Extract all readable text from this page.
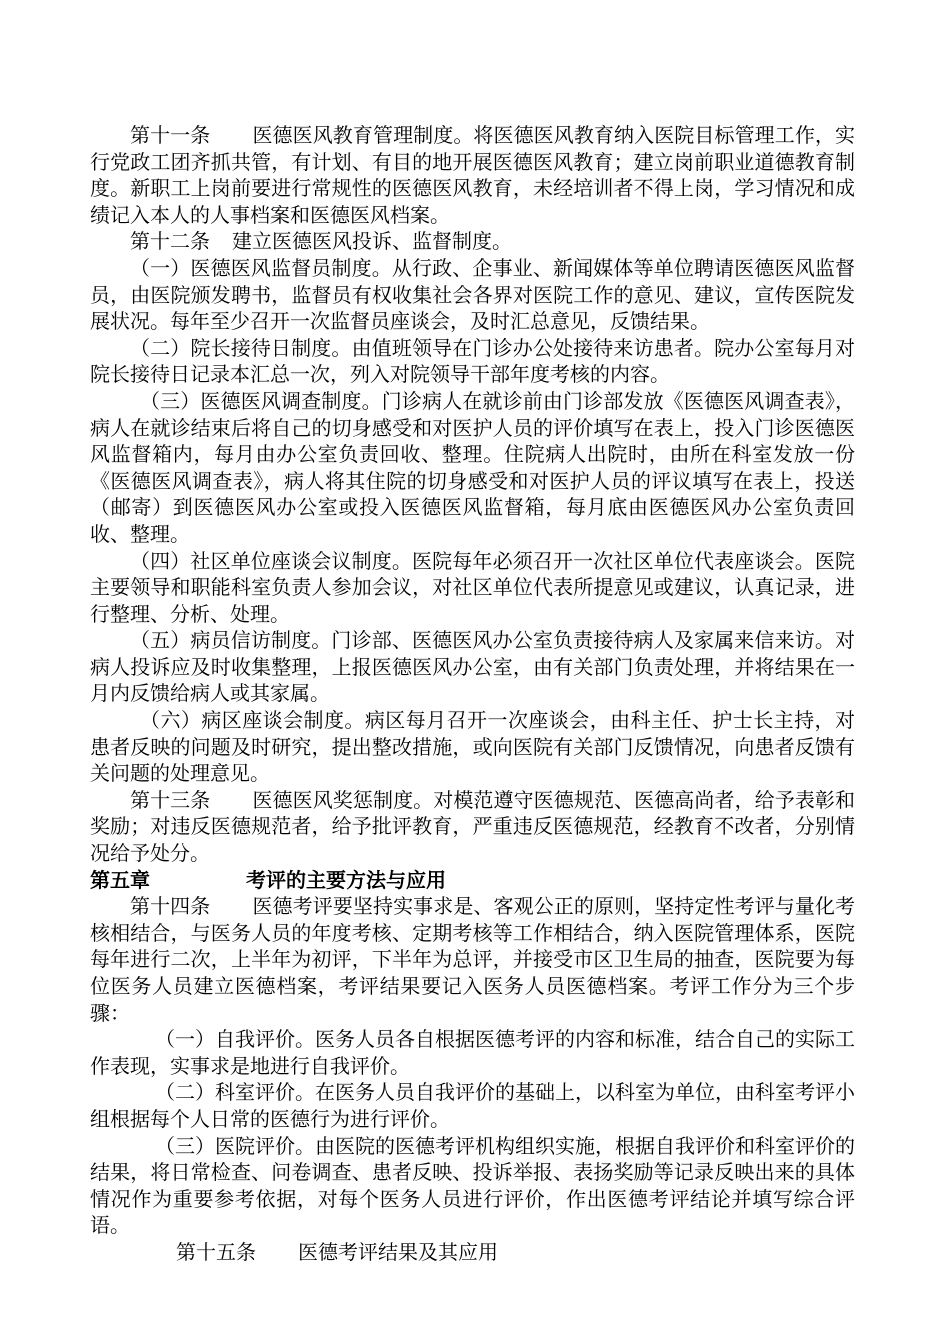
第十一条 医德医风教育管理制度。将医德医风教育纳入医院目标管理工作，实行党政工团齐抓共管，有计划、有目的地开展医德医风教育；建立岗前职业道德教育制度。新职工上岗前要进行常规性的医德医风教育，未经培训者不得上岗，学习情况和成绩记入本人的人事档案和医德医风档案。

第十二条 建立医德医风投诉、监督制度。

（一）医德医风监督员制度。从行政、企事业、新闻媒体等单位聘请医德医风监督员，由医院颁发聘书，监督员有权收集社会各界对医院工作的意见、建议，宣传医院发展状况。每年至少召开一次监督员座谈会，及时汇总意见，反馈结果。

（二）院长接待日制度。由值班领导在门诊办公处接待来访患者。院办公室每月对院长接待日记录本汇总一次，列入对院领导干部年度考核的内容。

（三）医德医风调查制度。门诊病人在就诊前由门诊部发放《医德医风调查表》，病人在就诊结束后将自己的切身感受和对医护人员的评价填写在表上，投入门诊医德医风监督箱内，每月由办公室负责回收、整理。住院病人出院时，由所在科室发放一份《医德医风调查表》，病人将其住院的切身感受和对医护人员的评议填写在表上，投送（邮寄）到医德医风办公室或投入医德医风监督箱，每月底由医德医风办公室负责回收、整理。

（四）社区单位座谈会议制度。医院每年必须召开一次社区单位代表座谈会。医院主要领导和职能科室负责人参加会议，对社区单位代表所提意见或建议，认真记录，进行整理、分析、处理。

（五）病员信访制度。门诊部、医德医风办公室负责接待病人及家属来信来访。对病人投诉应及时收集整理，上报医德医风办公室，由有关部门负责处理，并将结果在一月内反馈给病人或其家属。

（六）病区座谈会制度。病区每月召开一次座谈会，由科主任、护士长主持，对患者反映的问题及时研究，提出整改措施，或向医院有关部门反馈情况，向患者反馈有关问题的处理意见。

第十三条 医德医风奖惩制度。对模范遵守医德规范、医德高尚者，给予表彰和奖励；对违反医德规范者，给予批评教育，严重违反医德规范，经教育不改者，分别情况给予处分。

第五章	考评的主要方法与应用

第十四条 医德考评要坚持实事求是、客观公正的原则，坚持定性考评与量化考核相结合，与医务人员的年度考核、定期考核等工作相结合，纳入医院管理体系，医院每年进行二次，上半年为初评，下半年为总评，并接受市区卫生局的抽查，医院要为每位医务人员建立医德档案，考评结果要记入医务人员医德档案。考评工作分为三个步骤：

（一）自我评价。医务人员各自根据医德考评的内容和标准，结合自己的实际工作表现，实事求是地进行自我评价。

（二）科室评价。在医务人员自我评价的基础上，以科室为单位，由科室考评小组根据每个人日常的医德行为进行评价。

（三）医院评价。由医院的医德考评机构组织实施，根据自我评价和科室评价的结果，将日常检查、问卷调查、患者反映、投诉举报、表扬奖励等记录反映出来的具体情况作为重要参考依据，对每个医务人员进行评价，作出医德考评结论并填写综合评语。

第十五条 医德考评结果及其应用
